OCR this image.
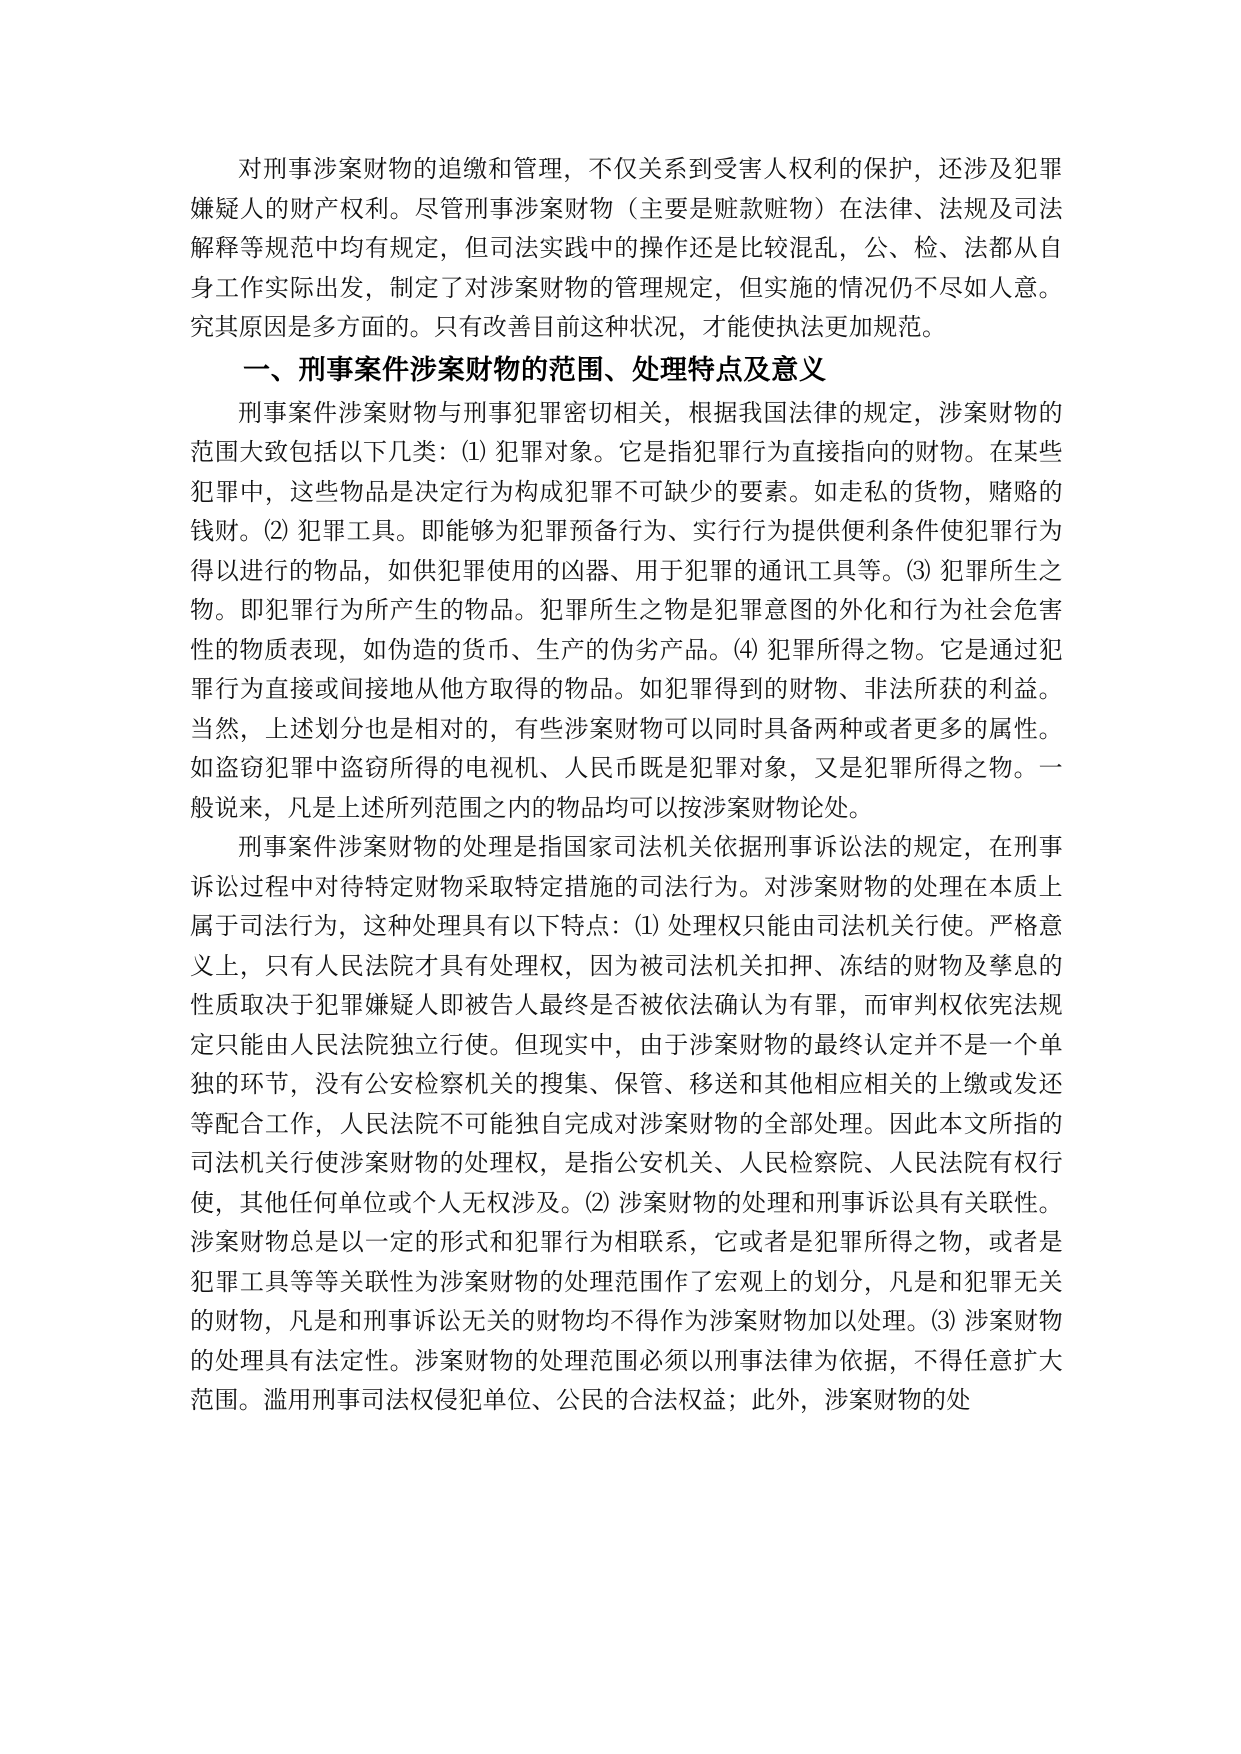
对刑事涉案财物的追缴和管理，不仅关系到受害人权利的保护，还涉及犯罪嫌疑人的财产权利。尽管刑事涉案财物（主要是赃款赃物）在法律、法规及司法解释等规范中均有规定，但司法实践中的操作还是比较混乱，公、检、法都从自身工作实际出发，制定了对涉案财物的管理规定，但实施的情况仍不尽如人意。究其原因是多方面的。只有改善目前这种状况，才能使执法更加规范。

一、刑事案件涉案财物的范围、处理特点及意义

刑事案件涉案财物与刑事犯罪密切相关，根据我国法律的规定，涉案财物的范围大致包括以下几类：⑴ 犯罪对象。它是指犯罪行为直接指向的财物。在某些犯罪中，这些物品是决定行为构成犯罪不可缺少的要素。如走私的货物，赌赂的钱财。⑵ 犯罪工具。即能够为犯罪预备行为、实行行为提供便利条件使犯罪行为得以进行的物品，如供犯罪使用的凶器、用于犯罪的通讯工具等。⑶ 犯罪所生之物。即犯罪行为所产生的物品。犯罪所生之物是犯罪意图的外化和行为社会危害性的物质表现，如伪造的货币、生产的伪劣产品。⑷ 犯罪所得之物。它是通过犯罪行为直接或间接地从他方取得的物品。如犯罪得到的财物、非法所获的利益。当然，上述划分也是相对的，有些涉案财物可以同时具备两种或者更多的属性。如盗窃犯罪中盗窃所得的电视机、人民币既是犯罪对象，又是犯罪所得之物。一般说来，凡是上述所列范围之内的物品均可以按涉案财物论处。

刑事案件涉案财物的处理是指国家司法机关依据刑事诉讼法的规定，在刑事诉讼过程中对待特定财物采取特定措施的司法行为。对涉案财物的处理在本质上属于司法行为，这种处理具有以下特点：⑴ 处理权只能由司法机关行使。严格意义上，只有人民法院才具有处理权，因为被司法机关扣押、冻结的财物及孳息的性质取决于犯罪嫌疑人即被告人最终是否被依法确认为有罪，而审判权依宪法规定只能由人民法院独立行使。但现实中，由于涉案财物的最终认定并不是一个单独的环节，没有公安检察机关的搜集、保管、移送和其他相应相关的上缴或发还等配合工作，人民法院不可能独自完成对涉案财物的全部处理。因此本文所指的司法机关行使涉案财物的处理权，是指公安机关、人民检察院、人民法院有权行使，其他任何单位或个人无权涉及。⑵ 涉案财物的处理和刑事诉讼具有关联性。涉案财物总是以一定的形式和犯罪行为相联系，它或者是犯罪所得之物，或者是犯罪工具等等关联性为涉案财物的处理范围作了宏观上的划分，凡是和犯罪无关的财物，凡是和刑事诉讼无关的财物均不得作为涉案财物加以处理。⑶ 涉案财物的处理具有法定性。涉案财物的处理范围必须以刑事法律为依据，不得任意扩大范围。滥用刑事司法权侵犯单位、公民的合法权益；此外，涉案财物的处
